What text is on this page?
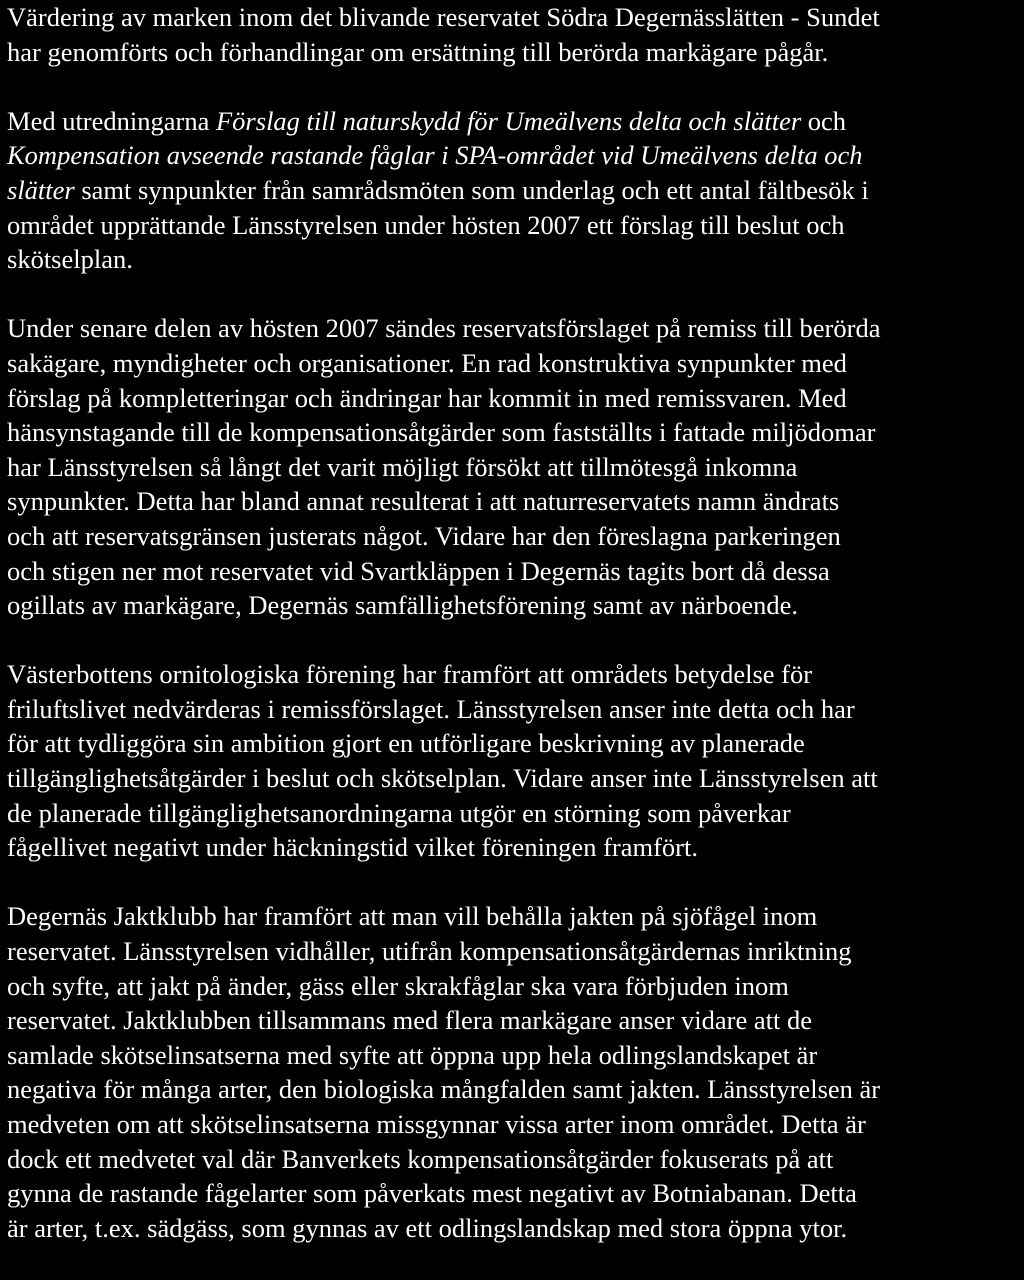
Värdering av marken inom det blivande reservatet Södra Degernässlätten - Sundet
har genomförts och förhandlingar om ersättning till berörda markägare pågår.

Med utredningarna Förslag till naturskydd för Umeälvens delta och slätter och
Kompensation avseende rastande fåglar i SPA-området vid Umeälvens delta och
slätter samt synpunkter från samrådsmöten som underlag och ett antal fältbesök i
området upprättande Länsstyrelsen under hösten 2007 ett förslag till beslut och
skötselplan.

Under senare delen av hösten 2007 sändes reservatsförslaget på remiss till berörda
sakägare, myndigheter och organisationer. En rad konstruktiva synpunkter med
förslag på kompletteringar och ändringar har kommit in med remissvaren. Med
hänsynstagande till de kompensationsåtgärder som fastställts i fattade miljödomar
har Länsstyrelsen så långt det varit möjligt försökt att tillmötesgå inkomna
synpunkter. Detta har bland annat resulterat i att naturreservatets namn ändrats
och att reservatsgränsen justerats något. Vidare har den föreslagna parkeringen
och stigen ner mot reservatet vid Svartkläppen i Degernäs tagits bort då dessa
ogillats av markägare, Degernäs samfällighetsförening samt av närboende.

Västerbottens ornitologiska förening har framfört att områdets betydelse för
friluftslivet nedvärderas i remissförslaget. Länsstyrelsen anser inte detta och har
för att tydliggöra sin ambition gjort en utförligare beskrivning av planerade
tillgänglighetsåtgärder i beslut och skötselplan. Vidare anser inte Länsstyrelsen att
de planerade tillgänglighetsanordningarna utgör en störning som påverkar
fågellivet negativt under häckningstid vilket föreningen framfört.

Degernäs Jaktklubb har framfört att man vill behålla jakten på sjöfågel inom
reservatet. Länsstyrelsen vidhåller, utifrån kompensationsåtgärdernas inriktning
och syfte, att jakt på änder, gäss eller skrakfåglar ska vara förbjuden inom
reservatet. Jaktklubben tillsammans med flera markägare anser vidare att de
samlade skötselinsatserna med syfte att öppna upp hela odlingslandskapet är
negativa för många arter, den biologiska mångfalden samt jakten. Länsstyrelsen är
medveten om att skötselinsatserna missgynnar vissa arter inom området. Detta är
dock ett medvetet val där Banverkets kompensationsåtgärder fokuserats på att
gynna de rastande fågelarter som påverkats mest negativt av Botniabanan. Detta
är arter, t.ex. sädgäss, som gynnas av ett odlingslandskap med stora öppna ytor.
